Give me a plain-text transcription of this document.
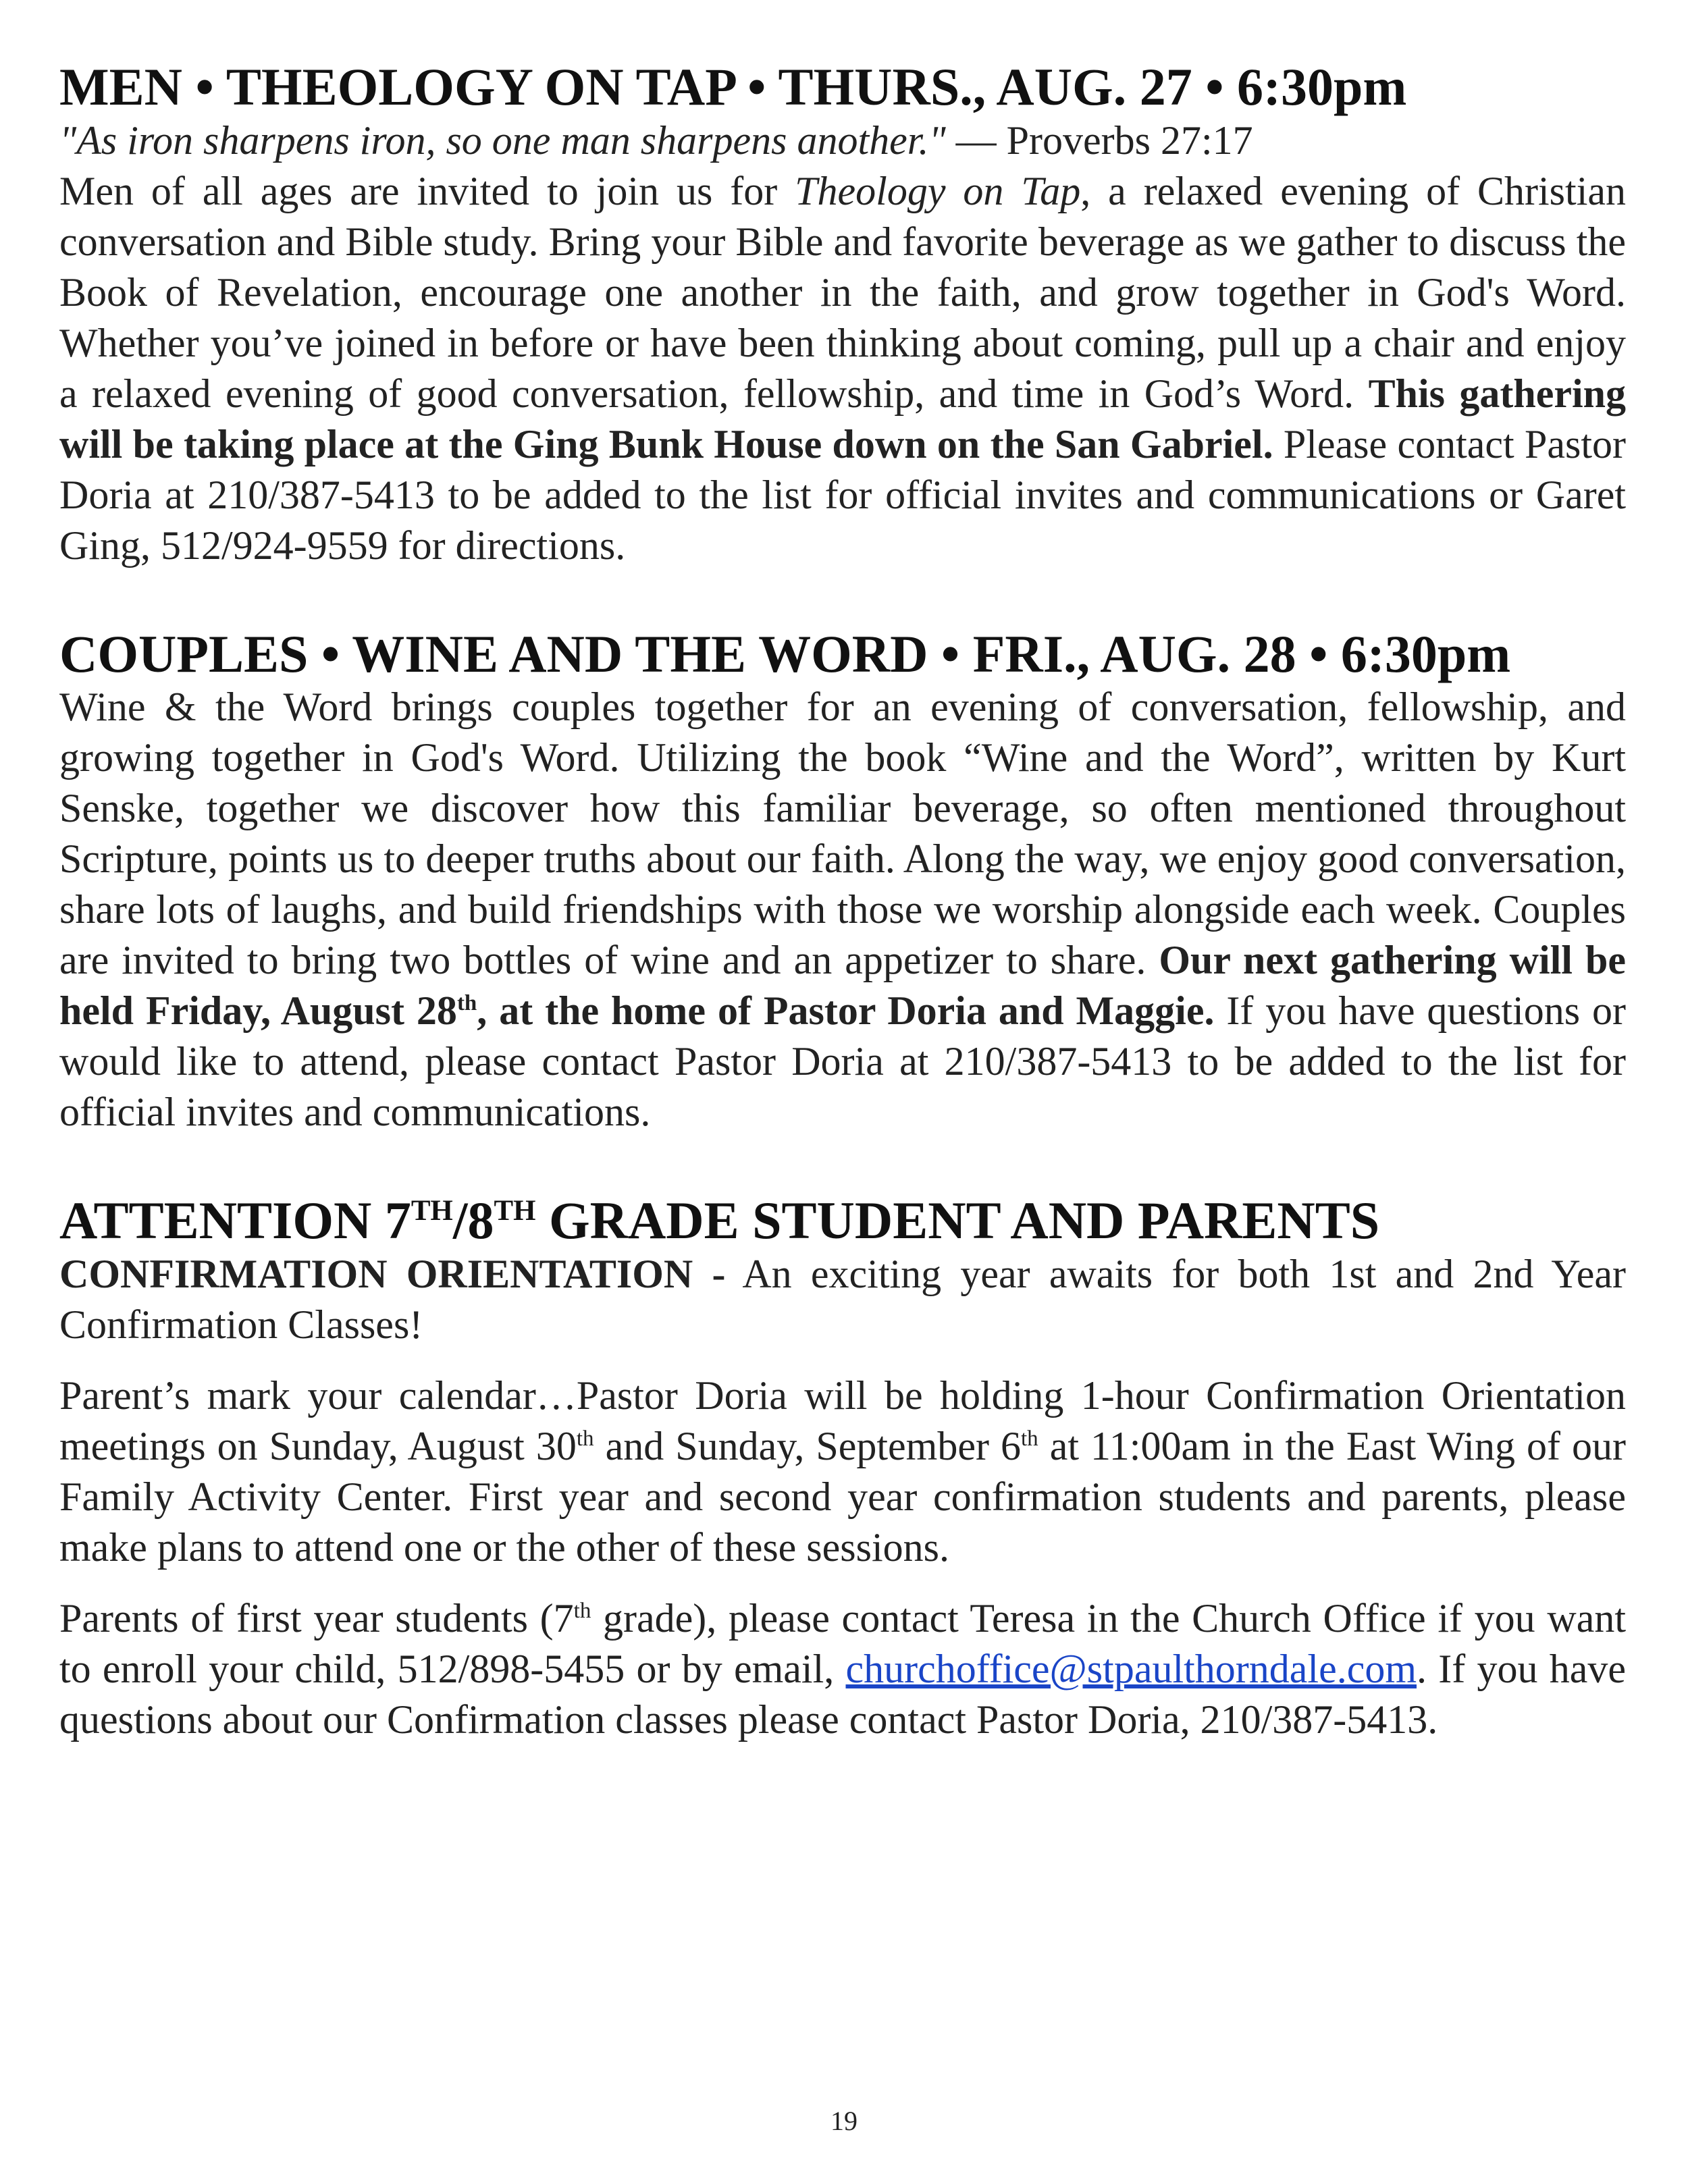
MEN • THEOLOGY ON TAP • THURS., AUG. 27 • 6:30pm

"As iron sharpens iron, so one man sharpens another." — Proverbs 27:17

Men of all ages are invited to join us for Theology on Tap, a relaxed evening of Christian conversation and Bible study. Bring your Bible and favorite beverage as we gather to discuss the Book of Revelation, encourage one another in the faith, and grow together in God's Word. Whether you’ve joined in before or have been thinking about coming, pull up a chair and enjoy a relaxed evening of good conversation, fellowship, and time in God’s Word. This gathering will be taking place at the Ging Bunk House down on the San Gabriel. Please contact Pastor Doria at 210/387-5413 to be added to the list for official invites and communications or Garet Ging, 512/924-9559 for directions.

COUPLES • WINE AND THE WORD • FRI., AUG. 28 • 6:30pm

Wine & the Word brings couples together for an evening of conversation, fellowship, and growing together in God's Word. Utilizing the book “Wine and the Word”, written by Kurt Senske, together we discover how this familiar beverage, so often mentioned throughout Scripture, points us to deeper truths about our faith. Along the way, we enjoy good conversation, share lots of laughs, and build friendships with those we worship alongside each week. Couples are invited to bring two bottles of wine and an appetizer to share. Our next gathering will be held Friday, August 28th, at the home of Pastor Doria and Maggie. If you have questions or would like to attend, please contact Pastor Doria at 210/387-5413 to be added to the list for official invites and communications.

ATTENTION 7TH/8TH GRADE STUDENT AND PARENTS

CONFIRMATION ORIENTATION - An exciting year awaits for both 1st and 2nd Year Confirmation Classes!

Parent’s mark your calendar…Pastor Doria will be holding 1-hour Confirmation Orientation meetings on Sunday, August 30th and Sunday, September 6th at 11:00am in the East Wing of our Family Activity Center. First year and second year confirmation students and parents, please make plans to attend one or the other of these sessions.

Parents of first year students (7th grade), please contact Teresa in the Church Office if you want to enroll your child, 512/898-5455 or by email, churchoffice@stpaulthorndale.com. If you have questions about our Confirmation classes please contact Pastor Doria, 210/387-5413.

19
